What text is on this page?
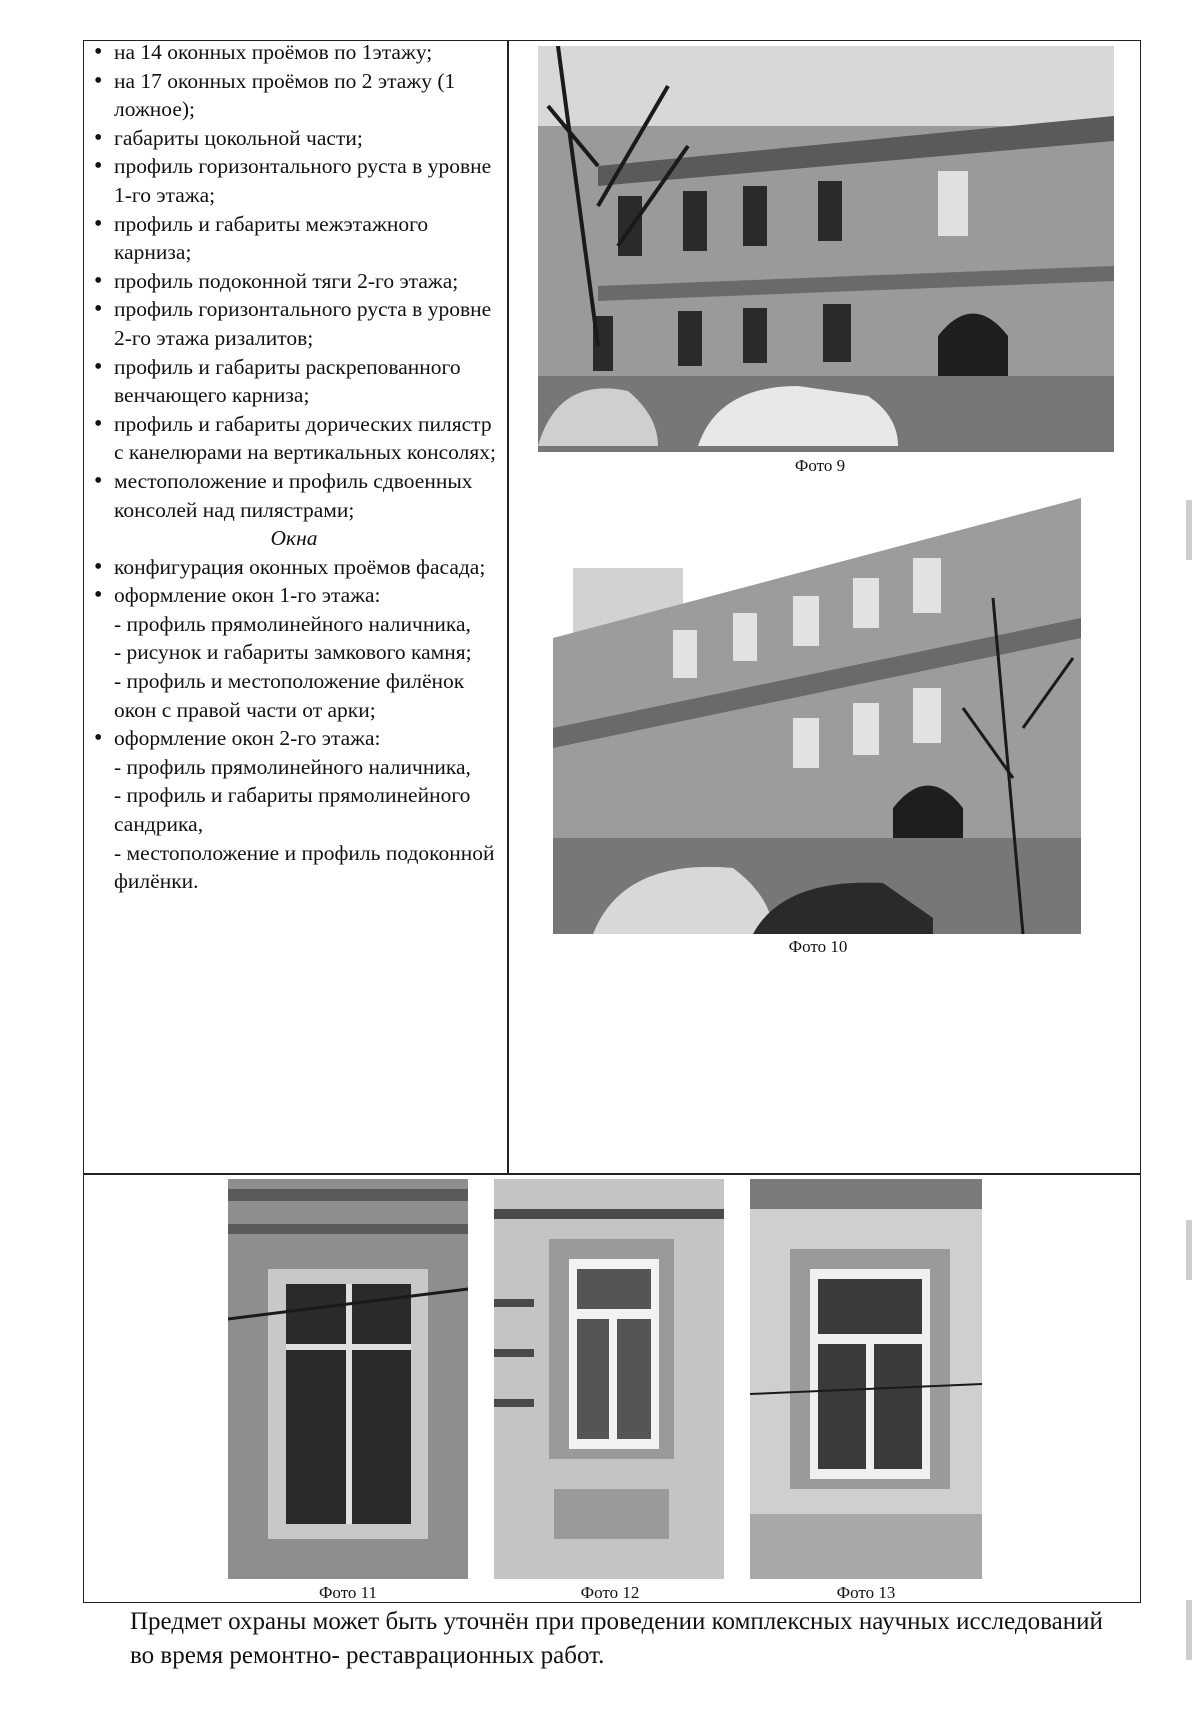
• на 14 оконных проёмов по 1этажу;
• на 17 оконных проёмов по 2 этажу (1 ложное);
• габариты цокольной части;
• профиль горизонтального руста в уровне 1-го этажа;
• профиль и габариты межэтажного карниза;
• профиль подоконной тяги 2-го этажа;
• профиль горизонтального руста в уровне 2-го этажа ризалитов;
• профиль и габариты раскрепованного венчающего карниза;
• профиль и габариты дорических пилястр с канелюрами на вертикальных консолях;
• местоположение и профиль сдвоенных консолей над пилястрами;
Окна
• конфигурация оконных проёмов фасада;
• оформление окон 1-го этажа:
- профиль прямолинейного наличника,
- рисунок и габариты замкового камня;
- профиль и местоположение филёнок окон с правой части от арки;
• оформление окон 2-го этажа:
- профиль прямолинейного наличника,
- профиль и габариты прямолинейного сандрика,
- местоположение и профиль подоконной филёнки.
Фото 9
Фото 10
Фото 11	Фото 12	Фото 13
Предмет охраны может быть уточнён при проведении комплексных научных исследований во время ремонтно- реставрационных работ.
